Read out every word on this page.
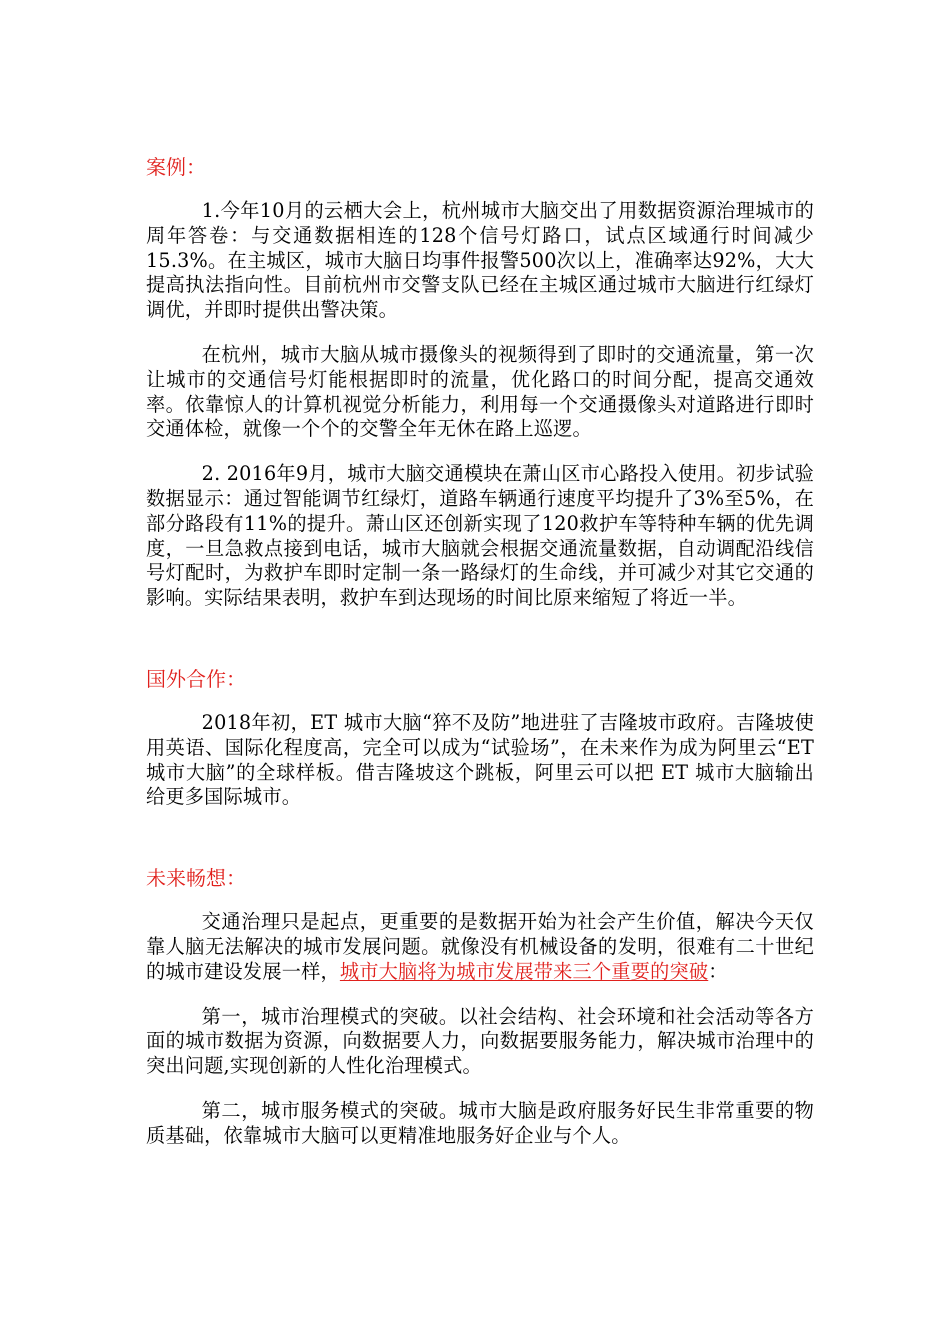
案例：

1.今年10月的云栖大会上，杭州城市大脑交出了用数据资源治理城市的周年答卷：与交通数据相连的128个信号灯路口，试点区域通行时间减少15.3%。在主城区，城市大脑日均事件报警500次以上，准确率达92%，大大提高执法指向性。目前杭州市交警支队已经在主城区通过城市大脑进行红绿灯调优，并即时提供出警决策。

在杭州，城市大脑从城市摄像头的视频得到了即时的交通流量，第一次让城市的交通信号灯能根据即时的流量，优化路口的时间分配，提高交通效率。依靠惊人的计算机视觉分析能力，利用每一个交通摄像头对道路进行即时交通体检，就像一个个的交警全年无休在路上巡逻。

2. 2016年9月，城市大脑交通模块在萧山区市心路投入使用。初步试验数据显示：通过智能调节红绿灯，道路车辆通行速度平均提升了3%至5%，在部分路段有11%的提升。萧山区还创新实现了120救护车等特种车辆的优先调度，一旦急救点接到电话，城市大脑就会根据交通流量数据，自动调配沿线信号灯配时，为救护车即时定制一条一路绿灯的生命线，并可减少对其它交通的影响。实际结果表明，救护车到达现场的时间比原来缩短了将近一半。

国外合作：

2018年初，ET 城市大脑“猝不及防”地进驻了吉隆坡市政府。吉隆坡使用英语、国际化程度高，完全可以成为“试验场”，在未来作为成为阿里云“ET 城市大脑”的全球样板。借吉隆坡这个跳板，阿里云可以把 ET 城市大脑输出给更多国际城市。

未来畅想：

交通治理只是起点，更重要的是数据开始为社会产生价值，解决今天仅靠人脑无法解决的城市发展问题。就像没有机械设备的发明，很难有二十世纪的城市建设发展一样，城市大脑将为城市发展带来三个重要的突破：

第一，城市治理模式的突破。以社会结构、社会环境和社会活动等各方面的城市数据为资源，向数据要人力，向数据要服务能力，解决城市治理中的突出问题,实现创新的人性化治理模式。

第二，城市服务模式的突破。城市大脑是政府服务好民生非常重要的物质基础，依靠城市大脑可以更精准地服务好企业与个人。
